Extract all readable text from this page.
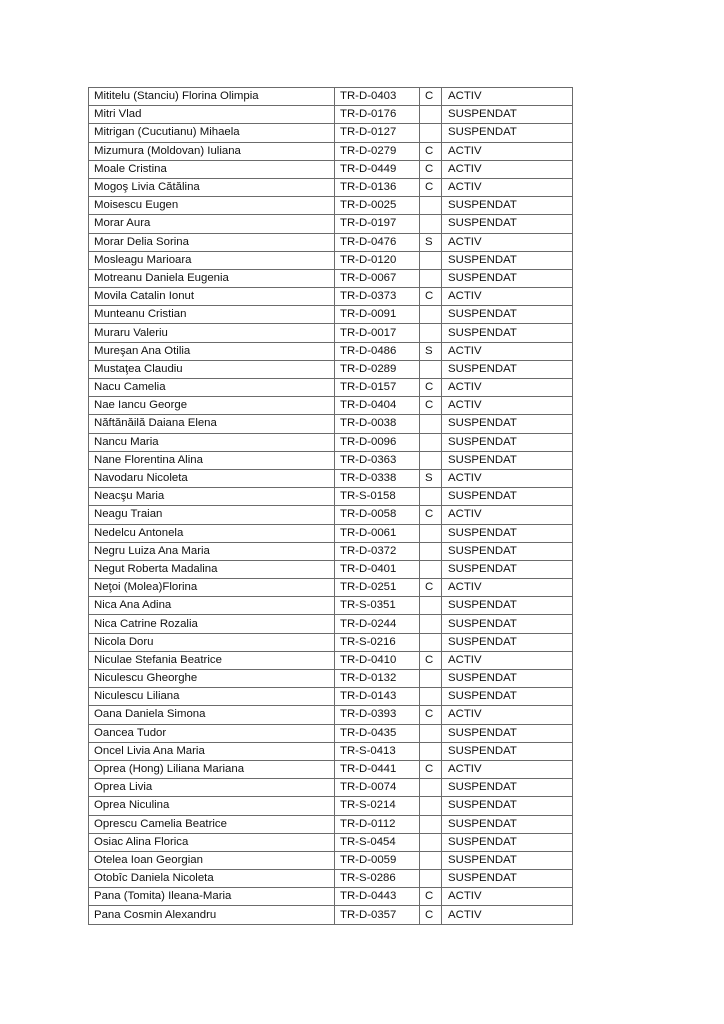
Mititelu (Stanciu) Florina Olimpia	TR-D-0403	C	ACTIV
Mitri Vlad	TR-D-0176		SUSPENDAT
Mitrigan (Cucutianu) Mihaela	TR-D-0127		SUSPENDAT
Mizumura (Moldovan) Iuliana	TR-D-0279	C	ACTIV
Moale Cristina	TR-D-0449	C	ACTIV
Mogoş Livia Cătălina	TR-D-0136	C	ACTIV
Moisescu Eugen	TR-D-0025		SUSPENDAT
Morar Aura	TR-D-0197		SUSPENDAT
Morar Delia Sorina	TR-D-0476	S	ACTIV
Mosleagu Marioara	TR-D-0120		SUSPENDAT
Motreanu Daniela Eugenia	TR-D-0067		SUSPENDAT
Movila Catalin Ionut	TR-D-0373	C	ACTIV
Munteanu Cristian	TR-D-0091		SUSPENDAT
Muraru Valeriu	TR-D-0017		SUSPENDAT
Mureşan Ana Otilia	TR-D-0486	S	ACTIV
Mustaţea Claudiu	TR-D-0289		SUSPENDAT
Nacu Camelia	TR-D-0157	C	ACTIV
Nae Iancu George	TR-D-0404	C	ACTIV
Năftănăilă Daiana Elena	TR-D-0038		SUSPENDAT
Nancu Maria	TR-D-0096		SUSPENDAT
Nane Florentina Alina	TR-D-0363		SUSPENDAT
Navodaru Nicoleta	TR-D-0338	S	ACTIV
Neacşu Maria	TR-S-0158		SUSPENDAT
Neagu Traian	TR-D-0058	C	ACTIV
Nedelcu Antonela	TR-D-0061		SUSPENDAT
Negru Luiza Ana Maria	TR-D-0372		SUSPENDAT
Negut Roberta Madalina	TR-D-0401		SUSPENDAT
Neţoi (Molea)Florina	TR-D-0251	C	ACTIV
Nica Ana Adina	TR-S-0351		SUSPENDAT
Nica Catrine Rozalia	TR-D-0244		SUSPENDAT
Nicola Doru	TR-S-0216		SUSPENDAT
Niculae Stefania Beatrice	TR-D-0410	C	ACTIV
Niculescu Gheorghe	TR-D-0132		SUSPENDAT
Niculescu Liliana	TR-D-0143		SUSPENDAT
Oana Daniela Simona	TR-D-0393	C	ACTIV
Oancea Tudor	TR-D-0435		SUSPENDAT
Oncel Livia Ana Maria	TR-S-0413		SUSPENDAT
Oprea (Hong) Liliana Mariana	TR-D-0441	C	ACTIV
Oprea Livia	TR-D-0074		SUSPENDAT
Oprea Niculina	TR-S-0214		SUSPENDAT
Oprescu Camelia Beatrice	TR-D-0112		SUSPENDAT
Osiac Alina Florica	TR-S-0454		SUSPENDAT
Otelea Ioan Georgian	TR-D-0059		SUSPENDAT
Otobîc Daniela Nicoleta	TR-S-0286		SUSPENDAT
Pana (Tomita) Ileana-Maria	TR-D-0443	C	ACTIV
Pana Cosmin Alexandru	TR-D-0357	C	ACTIV
